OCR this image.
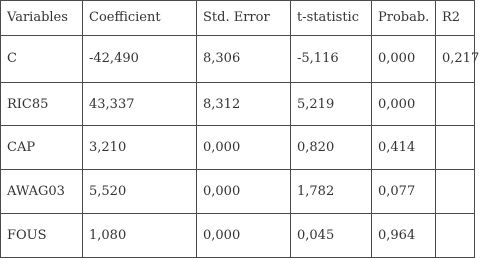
Variables	Coefficient	Std. Error	t-statistic	Probab.	R2
C	-42,490	8,306	-5,116	0,000	0,217
RIC85	43,337	8,312	5,219	0,000	
CAP	3,210	0,000	0,820	0,414	
AWAG03	5,520	0,000	1,782	0,077	
FOUS	1,080	0,000	0,045	0,964	
